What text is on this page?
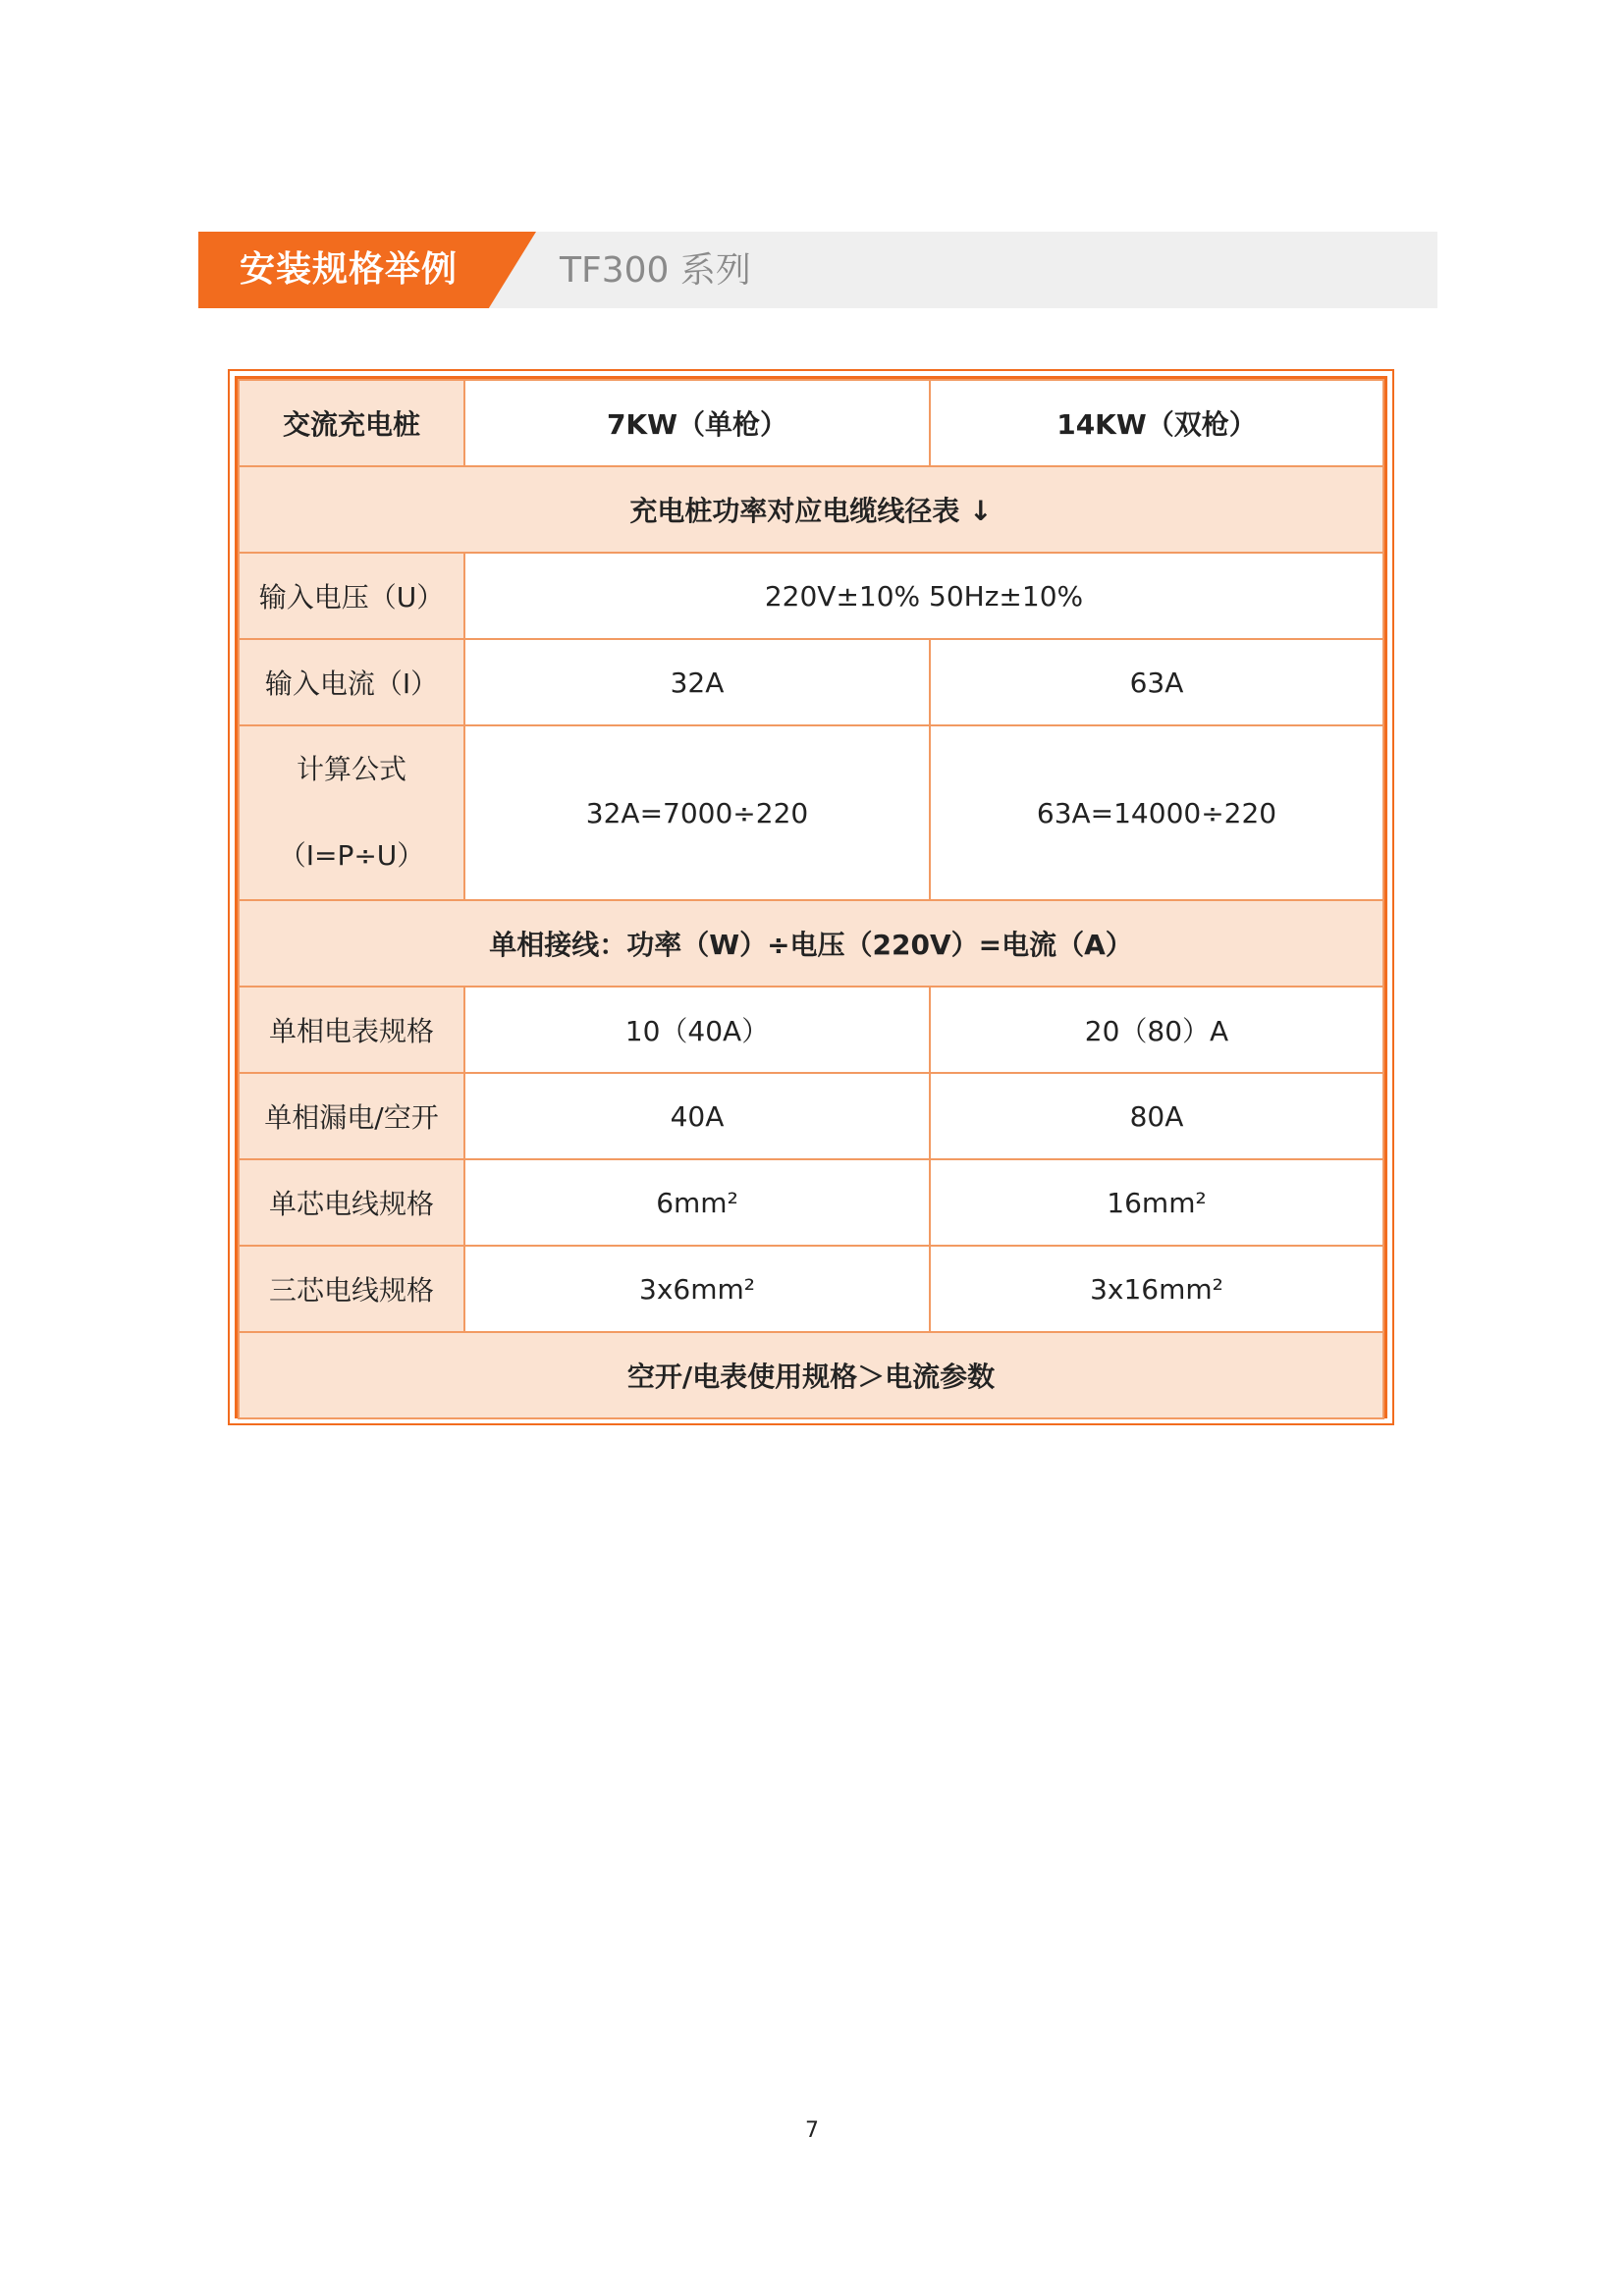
安装规格举例	TF300 系列
交流充电桩	7KW（单枪）	14KW（双枪）
充电桩功率对应电缆线径表 ↓		
输入电压（U）	220V±10% 50Hz±10%	
输入电流（I）	32A	63A

计算公式
（I=P÷U）	32A=7000÷220	63A=14000÷220
单相接线：功率（W）÷电压（220V）=电流（A）		
单相电表规格	10（40A）	20（80）A
单相漏电/空开	40A	80A
单芯电线规格	6mm²	16mm²
三芯电线规格	3x6mm²	3x16mm²
空开/电表使用规格＞电流参数		
7
